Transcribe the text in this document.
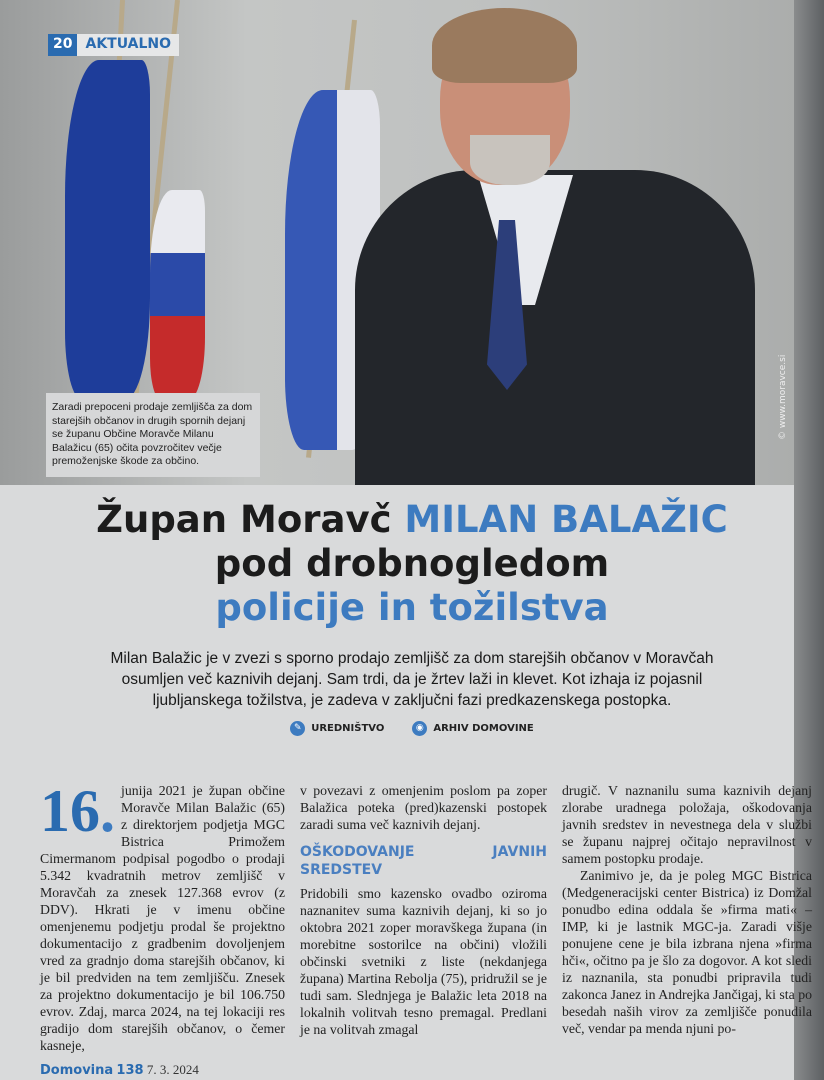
20 AKTUALNO
Zaradi prepoceni prodaje zemljišča za dom starejših občanov in drugih spornih dejanj se županu Občine Moravče Milanu Balažicu (65) očita povzročitev večje premoženjske škode za občino.
© www.moravce.si
Župan Moravč MILAN BALAŽIC
pod drobnogledom
policije in tožilstva
Milan Balažic je v zvezi s sporno prodajo zemljišč za dom starejših občanov v Moravčah osumljen več kaznivih dejanj. Sam trdi, da je žrtev laži in klevet. Kot izhaja iz pojasnil ljubljanskega tožilstva, je zadeva v zaključni fazi predkazenskega postopka.
✎ UREDNIŠTVO	◉ ARHIV DOMOVINE
16. junija 2021 je župan občine Moravče Milan Balažic (65) z direktorjem podjetja MGC Bistrica Primožem Cimermanom podpisal pogodbo o prodaji 5.342 kvadratnih metrov zemljišč v Moravčah za znesek 127.368 evrov (z DDV). Hkrati je v imenu občine omenjenemu podjetju prodal še projektno dokumentacijo z gradbenim dovoljenjem vred za gradnjo doma starejših občanov, ki je bil predviden na tem zemljišču. Znesek za projektno dokumentacijo je bil 106.750 evrov. Zdaj, marca 2024, na tej lokaciji res gradijo dom starejših občanov, o čemer kasneje,

v povezavi z omenjenim poslom pa zoper Balažica poteka (pred)kazenski postopek zaradi suma več kaznivih dejanj.

OŠKODOVANJE JAVNIH SREDSTEV

Pridobili smo kazensko ovadbo oziroma naznanitev suma kaznivih dejanj, ki so jo oktobra 2021 zoper moravškega župana (in morebitne sostorilce na občini) vložili občinski svetniki z liste (nekdanjega župana) Martina Rebolja (75), pridružil se je tudi sam. Slednjega je Balažic leta 2018 na lokalnih volitvah tesno premagal. Predlani je na volitvah zmagal

drugič. V naznanilu suma kaznivih dejanj zlorabe uradnega položaja, oškodovanja javnih sredstev in nevestnega dela v službi se županu najprej očitajo nepravilnost v samem postopku prodaje.

Zanimivo je, da je poleg MGC Bistrica (Medgeneracijski center Bistrica) iz Domžal ponudbo edina oddala še »firma mati« – IMP, ki je lastnik MGC-ja. Zaradi višje ponujene cene je bila izbrana njena »firma hči«, očitno pa je šlo za dogovor. A kot sledi iz naznanila, sta ponudbi pripravila tudi zakonca Janez in Andrejka Jančigaj, ki sta po besedah naših virov za zemljišče ponudila več, vendar pa menda njuni po-

Domovina 138 7. 3. 2024
